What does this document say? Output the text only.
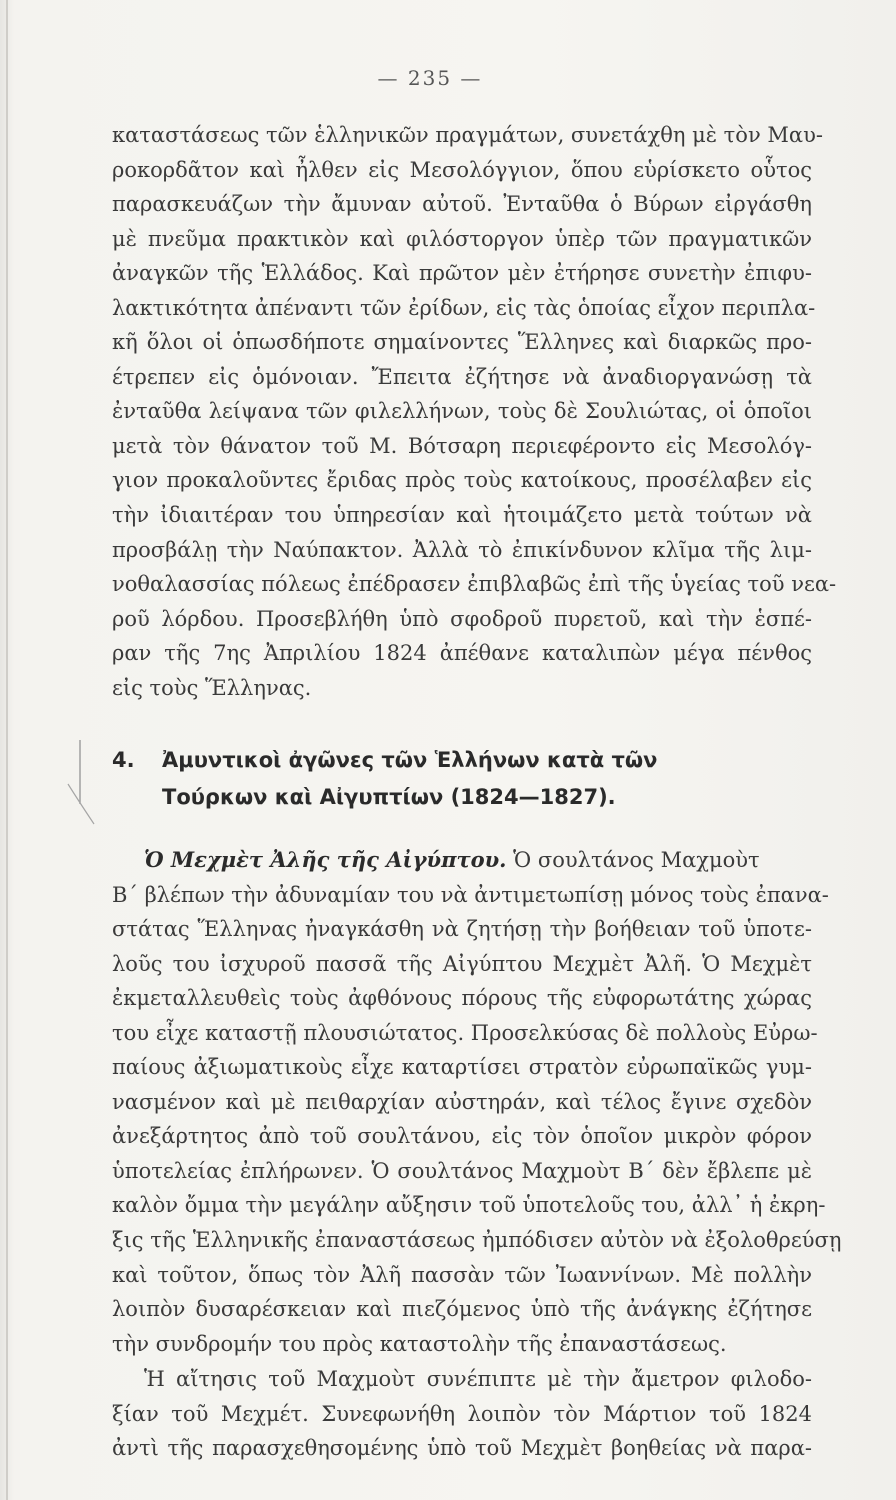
— 235 —
καταστάσεως τῶν ἑλληνικῶν πραγμάτων, συνετάχθη μὲ τὸν Μαυ-
ροκορδᾶτον καὶ ἦλθεν εἰς Μεσολόγγιον, ὅπου εὑρίσκετο οὗτος
παρασκευάζων τὴν ἄμυναν αὐτοῦ. Ἐνταῦθα ὁ Βύρων εἰργάσθη
μὲ πνεῦμα πρακτικὸν καὶ φιλόστοργον ὑπὲρ τῶν πραγματικῶν
ἀναγκῶν τῆς Ἑλλάδος. Καὶ πρῶτον μὲν ἐτήρησε συνετὴν ἐπιφυ-
λακτικότητα ἀπέναντι τῶν ἐρίδων, εἰς τὰς ὁποίας εἶχον περιπλα-
κῆ ὅλοι οἱ ὁπωσδήποτε σημαίνοντες Ἕλληνες καὶ διαρκῶς προ-
έτρεπεν εἰς ὁμόνοιαν. Ἔπειτα ἐζήτησε νὰ ἀναδιοργανώσῃ τὰ
ἐνταῦθα λείψανα τῶν φιλελλήνων, τοὺς δὲ Σουλιώτας, οἱ ὁποῖοι
μετὰ τὸν θάνατον τοῦ Μ. Βότσαρη περιεφέροντο εἰς Μεσολόγ-
γιον προκαλοῦντες ἔριδας πρὸς τοὺς κατοίκους, προσέλαβεν εἰς
τὴν ἰδιαιτέραν του ὑπηρεσίαν καὶ ἡτοιμάζετο μετὰ τούτων νὰ
προσβάλῃ τὴν Ναύπακτον. Ἀλλὰ τὸ ἐπικίνδυνον κλῖμα τῆς λιμ-
νοθαλασσίας πόλεως ἐπέδρασεν ἐπιβλαβῶς ἐπὶ τῆς ὑγείας τοῦ νεα-
ροῦ λόρδου. Προσεβλήθη ὑπὸ σφοδροῦ πυρετοῦ, καὶ τὴν ἑσπέ-
ραν τῆς 7ης Ἀπριλίου 1824 ἀπέθανε καταλιπὼν μέγα πένθος
εἰς τοὺς Ἕλληνας.
4. Ἀμυντικοὶ ἀγῶνες τῶν Ἑλλήνων κατὰ τῶν
Τούρκων καὶ Αἰγυπτίων (1824—1827).
Ὁ Μεχμὲτ Ἀλῆς τῆς Αἰγύπτου. Ὁ σουλτάνος Μαχμοὺτ
Β΄ βλέπων τὴν ἀδυναμίαν του νὰ ἀντιμετωπίσῃ μόνος τοὺς ἐπανα-
στάτας Ἕλληνας ἠναγκάσθη νὰ ζητήσῃ τὴν βοήθειαν τοῦ ὑποτε-
λοῦς του ἰσχυροῦ πασσᾶ τῆς Αἰγύπτου Μεχμὲτ Ἀλῆ. Ὁ Μεχμὲτ
ἐκμεταλλευθεὶς τοὺς ἀφθόνους πόρους τῆς εὐφορωτάτης χώρας
του εἶχε καταστῇ πλουσιώτατος. Προσελκύσας δὲ πολλοὺς Εὐρω-
παίους ἀξιωματικοὺς εἶχε καταρτίσει στρατὸν εὐρωπαϊκῶς γυμ-
νασμένον καὶ μὲ πειθαρχίαν αὐστηράν, καὶ τέλος ἔγινε σχεδὸν
ἀνεξάρτητος ἀπὸ τοῦ σουλτάνου, εἰς τὸν ὁποῖον μικρὸν φόρον
ὑποτελείας ἐπλήρωνεν. Ὁ σουλτάνος Μαχμοὺτ Β΄ δὲν ἔβλεπε μὲ
καλὸν ὄμμα τὴν μεγάλην αὔξησιν τοῦ ὑποτελοῦς του, ἀλλ᾿ ἡ ἐκρη-
ξις τῆς Ἑλληνικῆς ἐπαναστάσεως ἠμπόδισεν αὐτὸν νὰ ἐξολοθρεύσῃ
καὶ τοῦτον, ὅπως τὸν Ἀλῆ πασσὰν τῶν Ἰωαννίνων. Μὲ πολλὴν
λοιπὸν δυσαρέσκειαν καὶ πιεζόμενος ὑπὸ τῆς ἀνάγκης ἐζήτησε
τὴν συνδρομήν του πρὸς καταστολὴν τῆς ἐπαναστάσεως.
Ἡ αἴτησις τοῦ Μαχμοὺτ συνέπιπτε μὲ τὴν ἄμετρον φιλοδο-
ξίαν τοῦ Μεχμέτ. Συνεφωνήθη λοιπὸν τὸν Μάρτιον τοῦ 1824
ἀντὶ τῆς παρασχεθησομένης ὑπὸ τοῦ Μεχμὲτ βοηθείας νὰ παρα-
